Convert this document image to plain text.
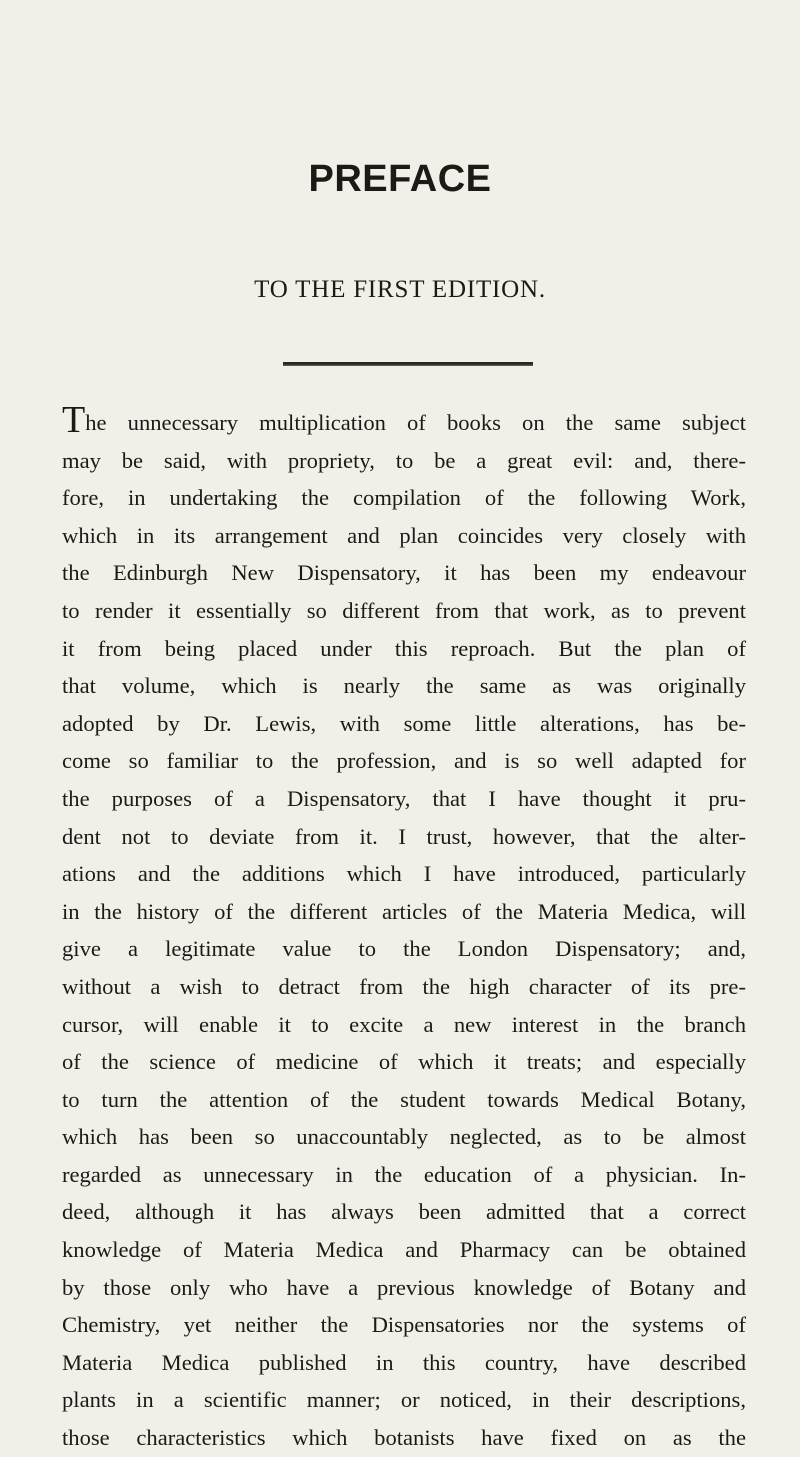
PREFACE
TO THE FIRST EDITION.
The unnecessary multiplication of books on the same subject
may be said, with propriety, to be a great evil: and, there-
fore, in undertaking the compilation of the following Work,
which in its arrangement and plan coincides very closely with
the Edinburgh New Dispensatory, it has been my endeavour
to render it essentially so different from that work, as to prevent
it from being placed under this reproach. But the plan of
that volume, which is nearly the same as was originally
adopted by Dr. Lewis, with some little alterations, has be-
come so familiar to the profession, and is so well adapted for
the purposes of a Dispensatory, that I have thought it pru-
dent not to deviate from it. I trust, however, that the alter-
ations and the additions which I have introduced, particularly
in the history of the different articles of the Materia Medica, will
give a legitimate value to the London Dispensatory; and,
without a wish to detract from the high character of its pre-
cursor, will enable it to excite a new interest in the branch
of the science of medicine of which it treats; and especially
to turn the attention of the student towards Medical Botany,
which has been so unaccountably neglected, as to be almost
regarded as unnecessary in the education of a physician. In-
deed, although it has always been admitted that a correct
knowledge of Materia Medica and Pharmacy can be obtained
by those only who have a previous knowledge of Botany and
Chemistry, yet neither the Dispensatories nor the systems of
Materia Medica published in this country, have described
plants in a scientific manner; or noticed, in their descriptions,
those characteristics which botanists have fixed on as the
